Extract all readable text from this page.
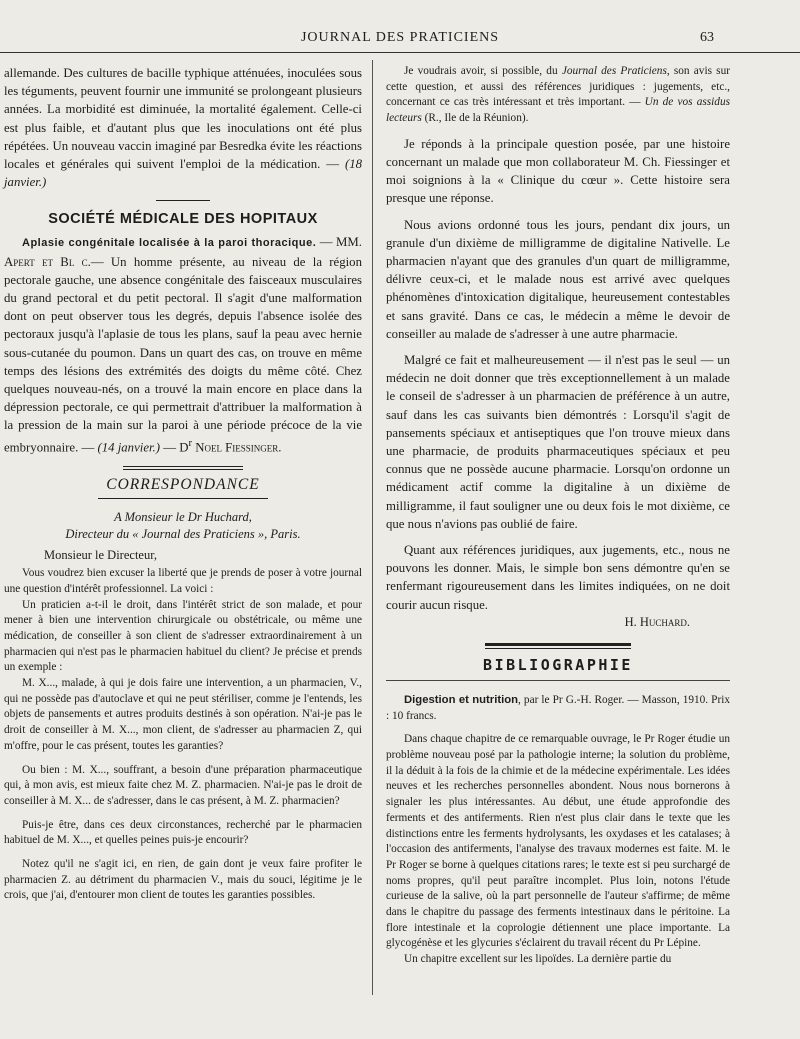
JOURNAL DES PRATICIENS	63

allemande. Des cultures de bacille typhique atténuées, inoculées sous les téguments, peuvent fournir une immunité se prolongeant plusieurs années. La morbidité est diminuée, la mortalité également. Celle-ci est plus faible, et d'autant plus que les inoculations ont été plus répétées. Un nouveau vaccin imaginé par Besredka évite les réactions locales et générales qui suivent l'emploi de la médication. — (18 janvier.)

SOCIÉTÉ MÉDICALE DES HOPITAUX

Aplasie congénitale localisée à la paroi thoracique. — MM. Apert et Bl c.— Un homme présente, au niveau de la région pectorale gauche, une absence congénitale des faisceaux musculaires du grand pectoral et du petit pectoral. Il s'agit d'une malformation dont on peut observer tous les degrés, depuis l'absence isolée des pectoraux jusqu'à l'aplasie de tous les plans, sauf la peau avec hernie sous-cutanée du poumon. Dans un quart des cas, on trouve en même temps des lésions des extrémités des doigts du même côté. Chez quelques nouveau-nés, on a trouvé la main encore en place dans la dépression pectorale, ce qui permettrait d'attribuer la malformation à la pression de la main sur la paroi à une période précoce de la vie embryonnaire. — (14 janvier.) — $D^r$ Noel Fiessinger.

CORRESPONDANCE
A Monsieur le Dr Huchard,
Directeur du « Journal des Praticiens », Paris.
Monsieur le Directeur,

Vous voudrez bien excuser la liberté que je prends de poser à votre journal une question d'intérêt professionnel. La voici :

Un praticien a-t-il le droit, dans l'intérêt strict de son malade, et pour mener à bien une intervention chirurgicale ou obstétricale, ou même une médication, de conseiller à son client de s'adresser extraordinairement à un pharmacien qui n'est pas le pharmacien habituel du client? Je précise et prends un exemple :

M. X..., malade, à qui je dois faire une intervention, a un pharmacien, V., qui ne possède pas d'autoclave et qui ne peut stériliser, comme je l'entends, les objets de pansements et autres produits destinés à son opération. N'ai-je pas le droit de conseiller à M. X..., mon client, de s'adresser au pharmacien Z, qui m'offre, pour le cas présent, toutes les garanties?

Ou bien : M. X..., souffrant, a besoin d'une préparation pharmaceutique qui, à mon avis, est mieux faite chez M. Z. pharmacien. N'ai-je pas le droit de conseiller à M. X... de s'adresser, dans le cas présent, à M. Z. pharmacien?

Puis-je être, dans ces deux circonstances, recherché par le pharmacien habituel de M. X..., et quelles peines puis-je encourir?

Notez qu'il ne s'agit ici, en rien, de gain dont je veux faire profiter le pharmacien Z. au détriment du pharmacien V., mais du souci, légitime je le crois, que j'ai, d'entourer mon client de toutes les garanties possibles.

Je voudrais avoir, si possible, du Journal des Praticiens, son avis sur cette question, et aussi des références juridiques : jugements, etc., concernant ce cas très intéressant et très important. — Un de vos assidus lecteurs (R., Ile de la Réunion).

Je réponds à la principale question posée, par une histoire concernant un malade que mon collaborateur M. Ch. Fiessinger et moi soignions à la « Clinique du cœur ». Cette histoire sera presque une réponse.

Nous avions ordonné tous les jours, pendant dix jours, un granule d'un dixième de milligramme de digitaline Nativelle. Le pharmacien n'ayant que des granules d'un quart de milligramme, délivre ceux-ci, et le malade nous est arrivé avec quelques phénomènes d'intoxication digitalique, heureusement contestables et sans gravité. Dans ce cas, le médecin a même le devoir de conseiller au malade de s'adresser à une autre pharmacie.

Malgré ce fait et malheureusement — il n'est pas le seul — un médecin ne doit donner que très exceptionnellement à un malade le conseil de s'adresser à un pharmacien de préférence à un autre, sauf dans les cas suivants bien démontrés : Lorsqu'il s'agit de pansements spéciaux et antiseptiques que l'on trouve mieux dans une pharmacie, de produits pharmaceutiques spéciaux et peu connus que ne possède aucune pharmacie. Lorsqu'on ordonne un médicament actif comme la digitaline à un dixième de milligramme, il faut souligner une ou deux fois le mot dixième, ce que nous n'avions pas oublié de faire.

Quant aux références juridiques, aux jugements, etc., nous ne pouvons les donner. Mais, le simple bon sens démontre qu'en se renfermant rigoureusement dans les limites indiquées, on ne doit courir aucun risque.

H. Huchard.
BIBLIOGRAPHIE

Digestion et nutrition, par le Pr G.-H. Roger. — Masson, 1910. Prix : 10 francs.

Dans chaque chapitre de ce remarquable ouvrage, le Pr Roger étudie un problème nouveau posé par la pathologie interne; la solution du problème, il la déduit à la fois de la chimie et de la médecine expérimentale. Les idées neuves et les recherches personnelles abondent. Nous nous bornerons à signaler les plus intéressantes. Au début, une étude approfondie des ferments et des antiferments. Rien n'est plus clair dans le texte que les distinctions entre les ferments hydrolysants, les oxydases et les catalases; à l'occasion des antiferments, l'analyse des travaux modernes est faite. M. le Pr Roger se borne à quelques citations rares; le texte est si peu surchargé de noms propres, qu'il peut paraître incomplet. Plus loin, notons l'étude curieuse de la salive, où la part personnelle de l'auteur s'affirme; de même dans le chapitre du passage des ferments intestinaux dans le péritoine. La flore intestinale et la coprologie détiennent une place importante. La glycogénèse et les glycuries s'éclairent du travail récent du Pr Lépine.

Un chapitre excellent sur les lipoïdes. La dernière partie du
